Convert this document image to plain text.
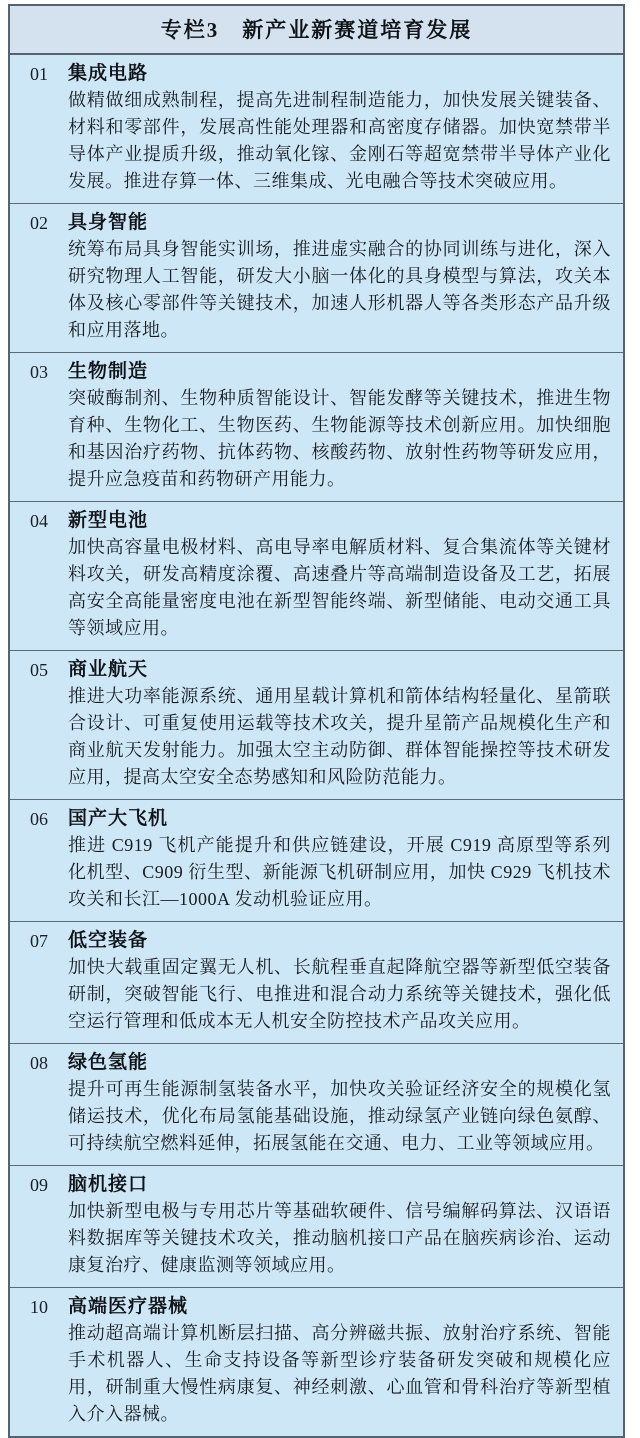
专栏3　新产业新赛道培育发展
01	集成电路
做精做细成熟制程，提高先进制程制造能力，加快发展关键装备、材料和零部件，发展高性能处理器和高密度存储器。加快宽禁带半导体产业提质升级，推动氧化镓、金刚石等超宽禁带半导体产业化发展。推进存算一体、三维集成、光电融合等技术突破应用。
02	具身智能
统筹布局具身智能实训场，推进虚实融合的协同训练与进化，深入研究物理人工智能，研发大小脑一体化的具身模型与算法，攻关本体及核心零部件等关键技术，加速人形机器人等各类形态产品升级和应用落地。
03	生物制造
突破酶制剂、生物种质智能设计、智能发酵等关键技术，推进生物育种、生物化工、生物医药、生物能源等技术创新应用。加快细胞和基因治疗药物、抗体药物、核酸药物、放射性药物等研发应用，提升应急疫苗和药物研产用能力。
04	新型电池
加快高容量电极材料、高电导率电解质材料、复合集流体等关键材料攻关，研发高精度涂覆、高速叠片等高端制造设备及工艺，拓展高安全高能量密度电池在新型智能终端、新型储能、电动交通工具等领域应用。
05	商业航天
推进大功率能源系统、通用星载计算机和箭体结构轻量化、星箭联合设计、可重复使用运载等技术攻关，提升星箭产品规模化生产和商业航天发射能力。加强太空主动防御、群体智能操控等技术研发应用，提高太空安全态势感知和风险防范能力。
06	国产大飞机
推进 C919 飞机产能提升和供应链建设，开展 C919 高原型等系列化机型、C909 衍生型、新能源飞机研制应用，加快 C929 飞机技术攻关和长江—1000A 发动机验证应用。
07	低空装备
加快大载重固定翼无人机、长航程垂直起降航空器等新型低空装备研制，突破智能飞行、电推进和混合动力系统等关键技术，强化低空运行管理和低成本无人机安全防控技术产品攻关应用。
08	绿色氢能
提升可再生能源制氢装备水平，加快攻关验证经济安全的规模化氢储运技术，优化布局氢能基础设施，推动绿氢产业链向绿色氨醇、可持续航空燃料延伸，拓展氢能在交通、电力、工业等领域应用。
09	脑机接口
加快新型电极与专用芯片等基础软硬件、信号编解码算法、汉语语料数据库等关键技术攻关，推动脑机接口产品在脑疾病诊治、运动康复治疗、健康监测等领域应用。
10	高端医疗器械
推动超高端计算机断层扫描、高分辨磁共振、放射治疗系统、智能手术机器人、生命支持设备等新型诊疗装备研发突破和规模化应用，研制重大慢性病康复、神经刺激、心血管和骨科治疗等新型植入介入器械。
